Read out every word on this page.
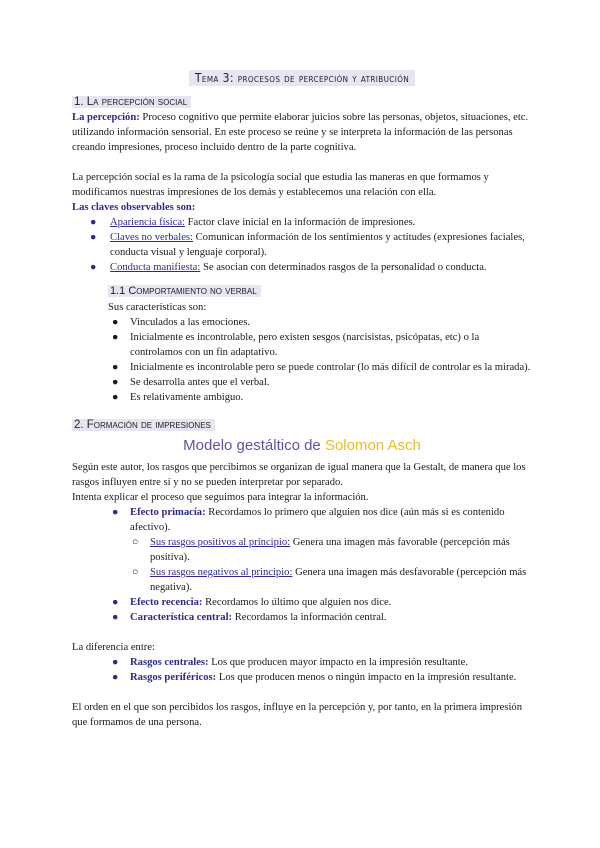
Tema 3: procesos de percepción y atribución
1. La percepción social

La percepción: Proceso cognitivo que permite elaborar juicios sobre las personas, objetos, situaciones, etc. utilizando información sensorial. En este proceso se reúne y se interpreta la información de las personas creando impresiones, proceso incluido dentro de la parte cognitiva.

La percepción social es la rama de la psicología social que estudia las maneras en que formamos y modificamos nuestras impresiones de los demás y establecemos una relación con ella.

Las claves observables son:

● Apariencia física: Factor clave inicial en la información de impresiones.
● Claves no verbales: Comunican información de los sentimientos y actitudes (expresiones faciales, conducta visual y lenguaje corporal).
● Conducta manifiesta: Se asocian con determinados rasgos de la personalidad o conducta.
1.1 Comportamiento no verbal

Sus características son:

● Vinculados a las emociones.
● Inicialmente es incontrolable, pero existen sesgos (narcisistas, psicópatas, etc) o la controlamos con un fin adaptativo.
● Inicialmente es incontrolable pero se puede controlar (lo más difícil de controlar es la mirada).
● Se desarrolla antes que el verbal.
● Es relativamente ambiguo.
2. Formación de impresiones
Modelo gestáltico de Solomon Asch

Según este autor, los rasgos que percibimos se organizan de igual manera que la Gestalt, de manera que los rasgos influyen entre sí y no se pueden interpretar por separado.

Intenta explicar el proceso que seguimos para integrar la información.

● Efecto primacía: Recordamos lo primero que alguien nos dice (aún más si es contenido afectivo).
○ Sus rasgos positivos al principio: Genera una imagen más favorable (percepción más positiva).
○ Sus rasgos negativos al principio: Genera una imagen más desfavorable (percepción más negativa).
● Efecto recencia: Recordamos lo último que alguien nos dice.
● Característica central: Recordamos la información central.

La diferencia entre:

● Rasgos centrales: Los que producen mayor impacto en la impresión resultante.
● Rasgos periféricos: Los que producen menos o ningún impacto en la impresión resultante.

El orden en el que son percibidos los rasgos, influye en la percepción y, por tanto, en la primera impresión que formamos de una persona.
